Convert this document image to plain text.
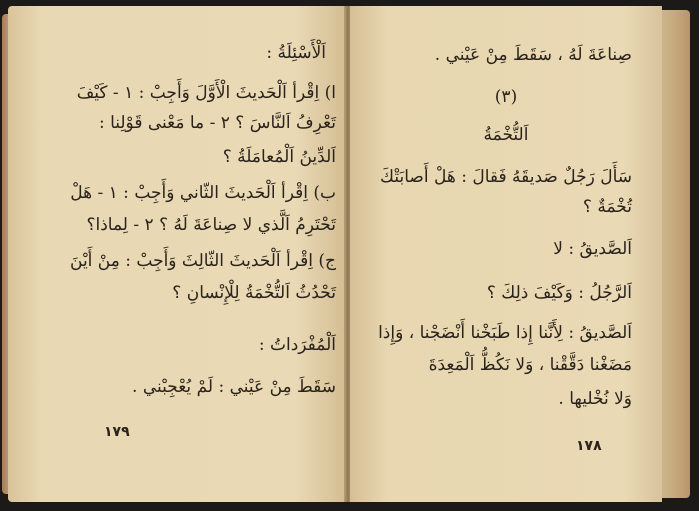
اَلْأَسْئِلَةُ :
ا) اِقْرأ اَلْحَديثَ الْأَوَّلَ وَأَجِبْ : ١ - كَيْفَ
تَعْرِفُ اَلنَّاسَ ؟ ٢ - ما مَعْنى قَوْلِنا :
اَلدِّينُ اَلْمُعامَلَةُ ؟
ب) اِقْرأ اَلْحَديثَ الثّاني وَأَجِبْ : ١ - هَلْ
تَحْتَرِمُ اَلَّذي لا صِناعَةَ لَهُ ؟ ٢ - لِماذا؟
ج) اِقْرأ اَلْحَديثَ الثّالِثَ وَأَجِبْ : مِنْ أَيْنَ
تَحْدُثُ اَلتُّخْمَةُ لِلْإِنْسانِ ؟
اَلْمُفْرَداتُ :
سَقَطَ مِنْ عَيْني : لَمْ يُعْجِبْني .
١٧٩
صِناعَةَ لَهُ ، سَقَطَ مِنْ عَيْني .
(٣)
اَلتُّخْمَةُ
سَأَلَ رَجُلٌ صَديقَهُ فَقالَ : هَلْ أَصابَتْكَ
تُخْمَةٌ ؟
اَلصَّديقُ : لا
اَلرَّجُلُ : وَكَيْفَ ذلِكَ ؟
اَلصَّديقُ : لِأَنَّنا إِذا طَبَخْنا أَنْضَجْنا ، وَإِذا
مَضَغْنا دَقَّقْنا ، وَلا نَكُظُّ اَلْمَعِدَةَ
وَلا نُخْليها .
١٧٨
